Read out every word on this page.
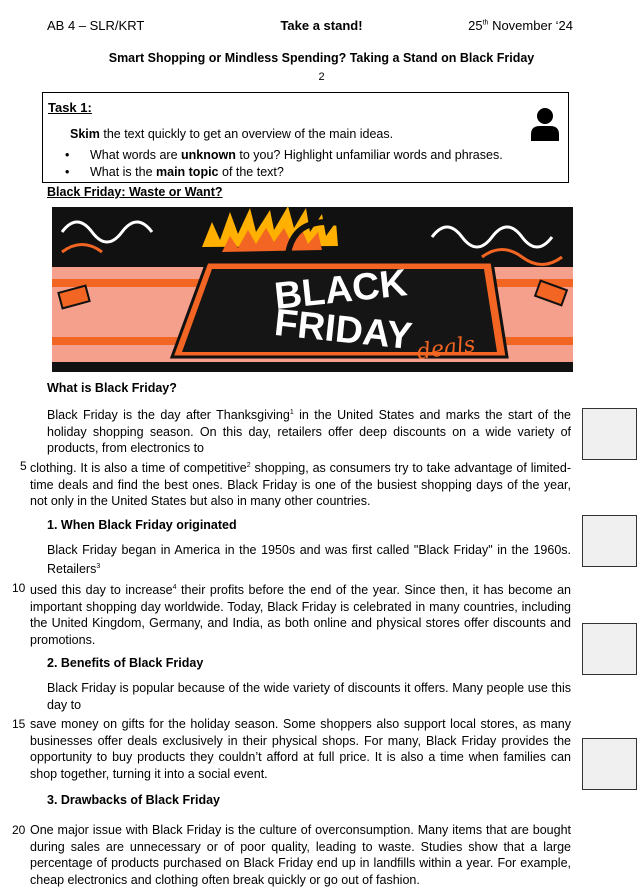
AB 4 – SLR/KRT	Take a stand!	25th November ‘24
Smart Shopping or Mindless Spending? Taking a Stand on Black Friday
2
Task 1:
Skim the text quickly to get an overview of the main ideas.
•	What words are unknown to you? Highlight unfamiliar words and phrases.
•	What is the main topic of the text?
Black Friday: Waste or Want?
BLACK
FRIDAY deals
What is Black Friday?
Black Friday is the day after Thanksgiving$^1$ in the United States and marks the start of the holiday shopping season. On this day, retailers offer deep discounts on a wide variety of products, from electronics to
5 clothing. It is also a time of competitive$^2$ shopping, as consumers try to take advantage of limited-time deals and find the best ones. Black Friday is one of the busiest shopping days of the year, not only in the United States but also in many other countries.
1. When Black Friday originated
Black Friday began in America in the 1950s and was first called "Black Friday" in the 1960s. Retailers$^3$
10 used this day to increase$^4$ their profits before the end of the year. Since then, it has become an important shopping day worldwide. Today, Black Friday is celebrated in many countries, including the United Kingdom, Germany, and India, as both online and physical stores offer discounts and promotions.
2. Benefits of Black Friday
Black Friday is popular because of the wide variety of discounts it offers. Many people use this day to
15 save money on gifts for the holiday season. Some shoppers also support local stores, as many businesses offer deals exclusively in their physical shops. For many, Black Friday provides the opportunity to buy products they couldn’t afford at full price. It is also a time when families can shop together, turning it into a social event.
3. Drawbacks of Black Friday
20 One major issue with Black Friday is the culture of overconsumption. Many items that are bought during sales are unnecessary or of poor quality, leading to waste. Studies show that a large percentage of products purchased on Black Friday end up in landfills within a year. For example, cheap electronics and clothing often break quickly or go out of fashion.
